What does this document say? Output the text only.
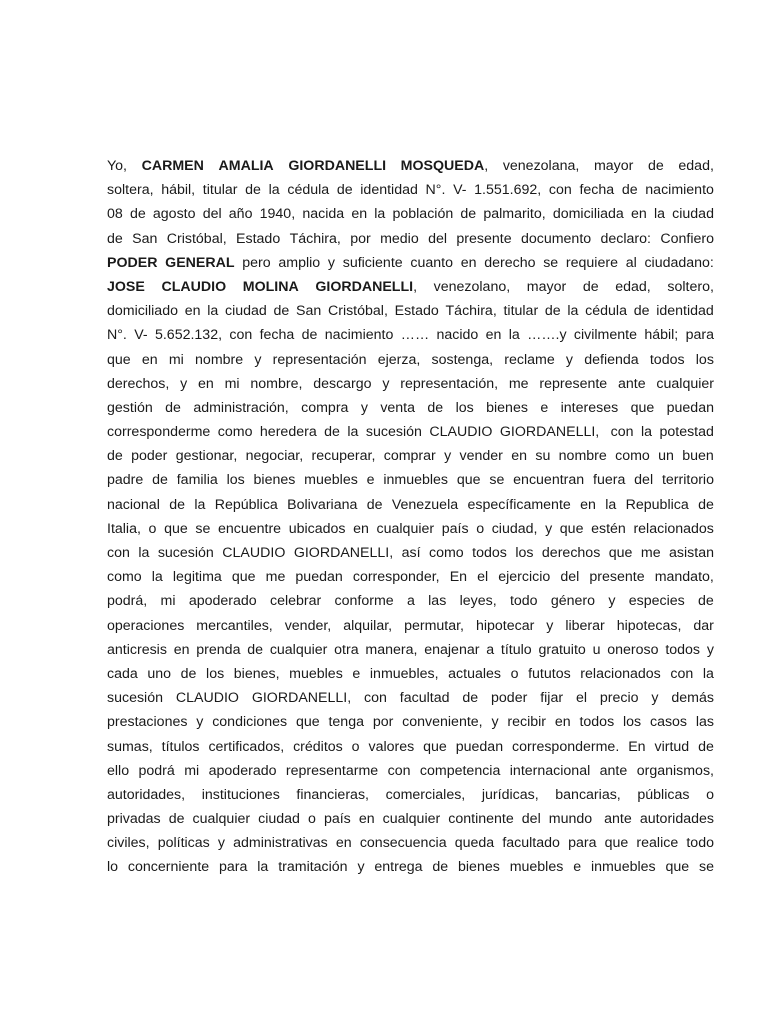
Yo, CARMEN AMALIA GIORDANELLI MOSQUEDA, venezolana, mayor de edad,
soltera, hábil, titular de la cédula de identidad N°. V- 1.551.692, con fecha de nacimiento
08 de agosto del año 1940, nacida en la población de palmarito, domiciliada en la ciudad
de San Cristóbal, Estado Táchira, por medio del presente documento declaro: Confiero
PODER GENERAL pero amplio y suficiente cuanto en derecho se requiere al ciudadano:
JOSE CLAUDIO MOLINA GIORDANELLI, venezolano, mayor de edad, soltero,
domiciliado en la ciudad de San Cristóbal, Estado Táchira, titular de la cédula de identidad
N°. V- 5.652.132, con fecha de nacimiento …… nacido en la …….y civilmente hábil; para
que en mi nombre y representación ejerza, sostenga, reclame y defienda todos los
derechos, y en mi nombre, descargo y representación, me represente ante cualquier
gestión de administración, compra y venta de los bienes e intereses que puedan
corresponderme como heredera de la sucesión CLAUDIO GIORDANELLI, con la potestad
de poder gestionar, negociar, recuperar, comprar y vender en su nombre como un buen
padre de familia los bienes muebles e inmuebles que se encuentran fuera del territorio
nacional de la República Bolivariana de Venezuela específicamente en la Republica de
Italia, o que se encuentre ubicados en cualquier país o ciudad, y que estén relacionados
con la sucesión CLAUDIO GIORDANELLI, así como todos los derechos que me asistan
como la legitima que me puedan corresponder, En el ejercicio del presente mandato,
podrá, mi apoderado celebrar conforme a las leyes, todo género y especies de
operaciones mercantiles, vender, alquilar, permutar, hipotecar y liberar hipotecas, dar
anticresis en prenda de cualquier otra manera, enajenar a título gratuito u oneroso todos y
cada uno de los bienes, muebles e inmuebles, actuales o fututos relacionados con la
sucesión CLAUDIO GIORDANELLI, con facultad de poder fijar el precio y demás
prestaciones y condiciones que tenga por conveniente, y recibir en todos los casos las
sumas, títulos certificados, créditos o valores que puedan corresponderme. En virtud de
ello podrá mi apoderado representarme con competencia internacional ante organismos,
autoridades, instituciones financieras, comerciales, jurídicas, bancarias, públicas o
privadas de cualquier ciudad o país en cualquier continente del mundo ante autoridades
civiles, políticas y administrativas en consecuencia queda facultado para que realice todo
lo concerniente para la tramitación y entrega de bienes muebles e inmuebles que se
